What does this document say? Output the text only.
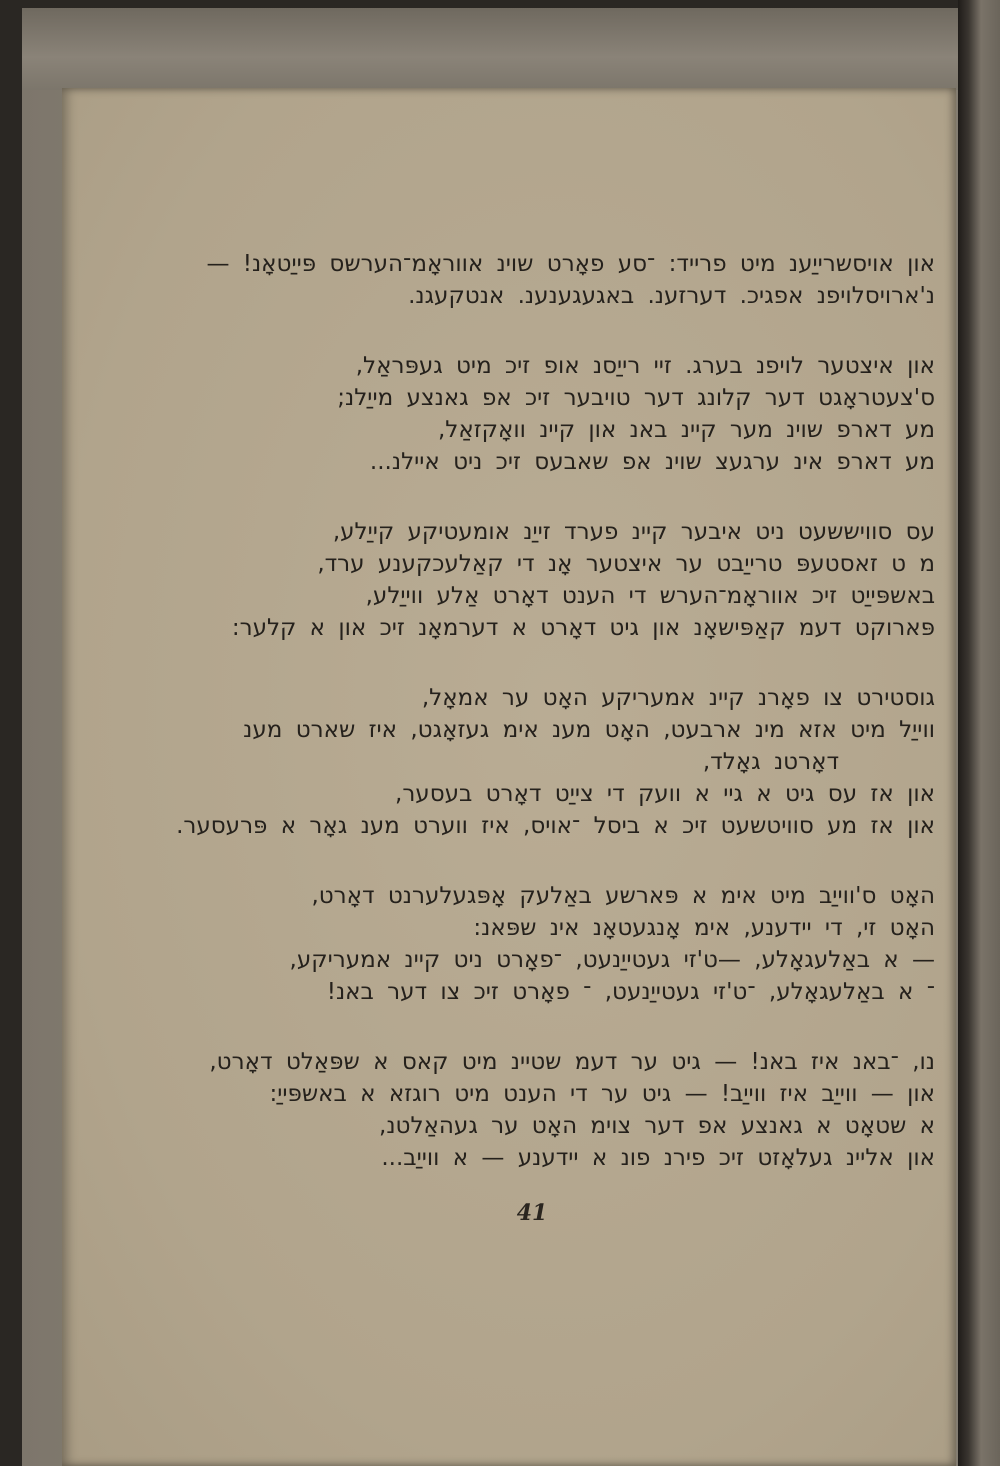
און אויסשרייַענ מיט פרייד: ־סע פאָרט שוינ אווראָמ־הערשס פּייַטאָנ! —
נ'ארויסלויפנ אפגיכ. דערזענ. באגעגענענ. אנטקעגנ.
און איצטער לויפנ בערג. זיי רייַסנ אופ זיכ מיט געפּראַל,
ס'צעטראָגט דער קלונג דער טויבער זיכ אפ גאנצע מייַלנ;
מע דארפ שוינ מער קיינ באנ און קיינ וואָקזאַל,
מע דארפ אינ ערגעצ שוינ אפ שאבעס זיכ ניט איילנ...
עס סוויששעט ניט איבער קיינ פערד זייַנ אומעטיקע קייַלע,
מ ט זאסטעפּ טרייַבט ער איצטער אָנ די קאַלעכקענע ערד,
באשפּייַט זיכ אווראָמ־הערש די הענט דאָרט אַלע ווייַלע,
פּארוקט דעמ קאַפּישאָנ און גיט דאָרט א דערמאָנ זיכ און א קלער:
גוסטירט צו פאָרנ קיינ אמעריקע האָט ער אמאָל,
ווייַל מיט אזא מינ ארבעט, האָט מענ אימ געזאָגט, איז שארט מענ
דאָרטנ גאָלד,
און אז עס גיט א גיי א וועק די צייַט דאָרט בעסער,
און אז מע סוויטשעט זיכ א ביסל ־אויס, איז ווערט מענ גאָר א פּרעסער.
האָט ס'ווייַב מיט אימ א פּארשע באַלעק אָפּגעלערנט דאָרט,
האָט זי, די יידענע, אימ אָנגעטאָנ אינ שפּאנ:
— א באַלעגאָלע, —ט'זי געטייַנעט, ־פאָרט ניט קיינ אמעריקע,
־ א באַלעגאָלע, ־ט'זי געטייַנעט, ־ פאָרט זיכ צו דער באנ!
נו, ־באנ איז באנ! — גיט ער דעמ שטיינ מיט קאס א שפּאַלט דאָרט,
און — ווייַב איז ווייַב! — גיט ער די הענט מיט רוגזא א באשפּייַ:
א שטאָט א גאנצע אפ דער צוימ האָט ער געהאַלטנ,
און אליינ געלאָזט זיכ פירנ פונ א יידענע — א ווייַב...
41
